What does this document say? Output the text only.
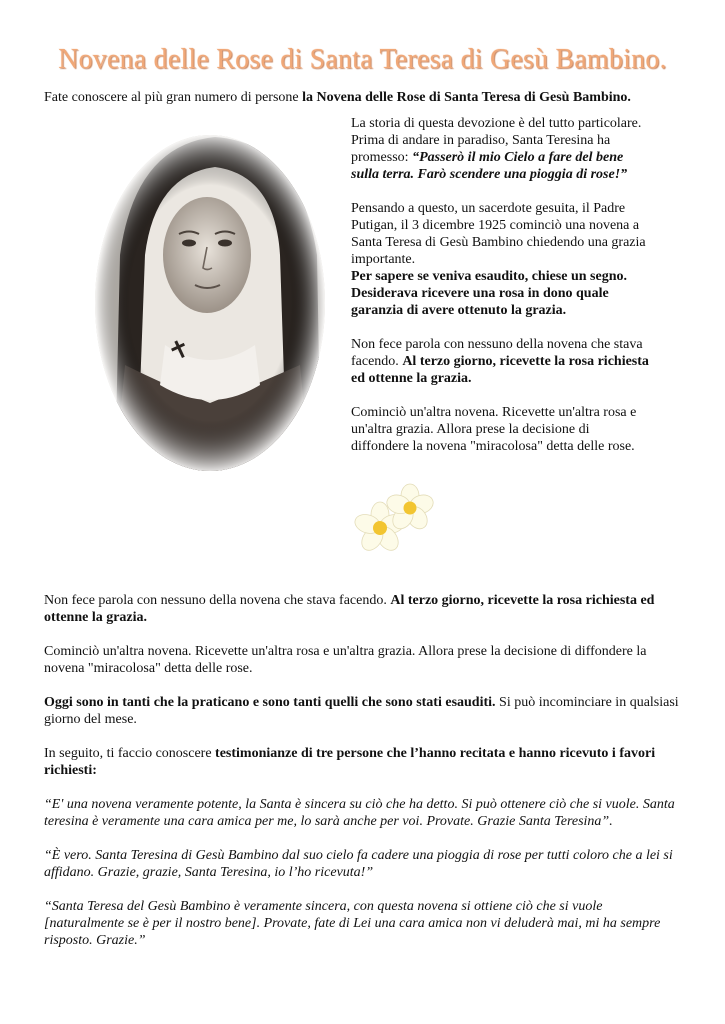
Novena delle Rose di Santa Teresa di Gesù Bambino.
Fate conoscere al più gran numero di persone la Novena delle Rose di Santa Teresa di Gesù Bambino.

La storia di questa devozione è del tutto particolare. Prima di andare in paradiso, Santa Teresina ha promesso: “Passerò il mio Cielo a fare del bene sulla terra. Farò scendere una pioggia di rose!”

Pensando a questo, un sacerdote gesuita, il Padre Putigan, il 3 dicembre 1925 cominciò una novena a Santa Teresa di Gesù Bambino chiedendo una grazia importante.
Per sapere se veniva esaudito, chiese un segno. Desiderava ricevere una rosa in dono quale garanzia di avere ottenuto la grazia.

Non fece parola con nessuno della novena che stava facendo. Al terzo giorno, ricevette la rosa richiesta ed ottenne la grazia.

Cominciò un'altra novena. Ricevette un'altra rosa e un'altra grazia. Allora prese la decisione di diffondere la novena "miracolosa" detta delle rose.

Non fece parola con nessuno della novena che stava facendo. Al terzo giorno, ricevette la rosa richiesta ed ottenne la grazia.

Cominciò un'altra novena. Ricevette un'altra rosa e un'altra grazia. Allora prese la decisione di diffondere la novena "miracolosa" detta delle rose.

Oggi sono in tanti che la praticano e sono tanti quelli che sono stati esauditi. Si può incominciare in qualsiasi giorno del mese.

In seguito, ti faccio conoscere testimonianze di tre persone che l’hanno recitata e hanno ricevuto i favori richiesti:

“E' una novena veramente potente, la Santa è sincera su ciò che ha detto. Si può ottenere ciò che si vuole. Santa teresina è veramente una cara amica per me, lo sarà anche per voi. Provate. Grazie Santa Teresina”.

“È vero. Santa Teresina di Gesù Bambino dal suo cielo fa cadere una pioggia di rose per tutti coloro che a lei si affidano. Grazie, grazie, Santa Teresina, io l’ho ricevuta!”

“Santa Teresa del Gesù Bambino è veramente sincera, con questa novena si ottiene ciò che si vuole [naturalmente se è per il nostro bene]. Provate, fate di Lei una cara amica non vi deluderà mai, mi ha sempre risposto. Grazie.”
